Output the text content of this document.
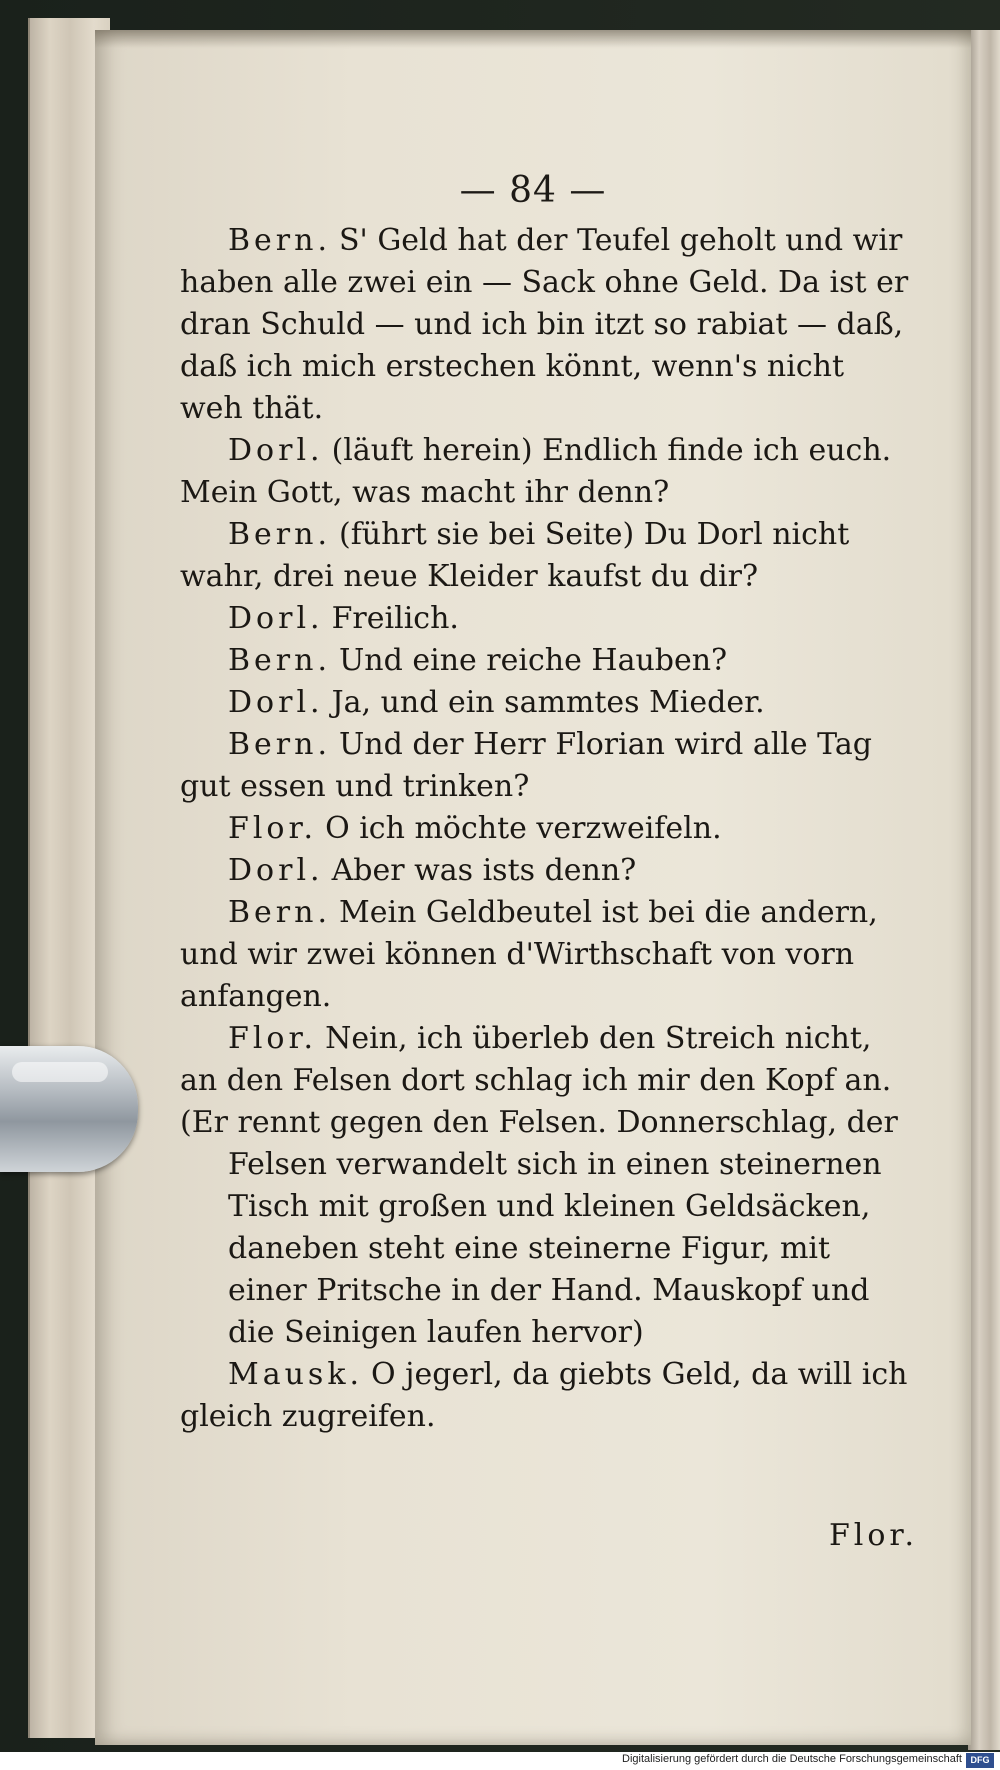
— 84 —

Bern. S' Geld hat der Teufel geholt und wir haben alle zwei ein — Sack ohne Geld. Da ist er dran Schuld — und ich bin itzt so rabiat — daß, daß ich mich erstechen könnt, wenn's nicht weh thät.

Dorl. (läuft herein) Endlich finde ich euch. Mein Gott, was macht ihr denn?

Bern. (führt sie bei Seite) Du Dorl nicht wahr, drei neue Kleider kaufst du dir?

Dorl. Freilich.

Bern. Und eine reiche Hauben?

Dorl. Ja, und ein sammtes Mieder.

Bern. Und der Herr Florian wird alle Tag gut essen und trinken?

Flor. O ich möchte verzweifeln.

Dorl. Aber was ists denn?

Bern. Mein Geldbeutel ist bei die andern, und wir zwei können d'Wirthschaft von vorn anfangen.

Flor. Nein, ich überleb den Streich nicht, an den Felsen dort schlag ich mir den Kopf an.

(Er rennt gegen den Felsen. Donnerschlag, der Felsen verwandelt sich in einen steinernen Tisch mit großen und kleinen Geldsäcken, daneben steht eine steinerne Figur, mit einer Pritsche in der Hand. Mauskopf und die Seinigen laufen hervor)

Mausk. O jegerl, da giebts Geld, da will ich gleich zugreifen.

Flor.
Digitalisierung gefördert durch die Deutsche Forschungsgemeinschaft DFG
